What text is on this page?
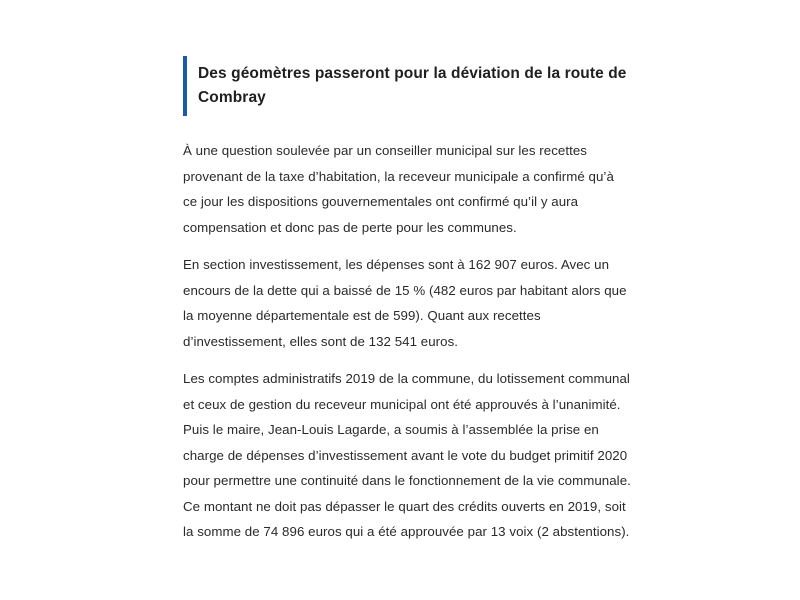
Des géomètres passeront pour la déviation de la route de Combray

À une question soulevée par un conseiller municipal sur les recettes provenant de la taxe d’habitation, la receveur municipale a confirmé qu’à ce jour les dispositions gouvernementales ont confirmé qu’il y aura compensation et donc pas de perte pour les communes.

En section investissement, les dépenses sont à 162 907 euros. Avec un encours de la dette qui a baissé de 15 % (482 euros par habitant alors que la moyenne départementale est de 599). Quant aux recettes d’investissement, elles sont de 132 541 euros.

Les comptes administratifs 2019 de la commune, du lotissement communal et ceux de gestion du receveur municipal ont été approuvés à l’unanimité. Puis le maire, Jean-Louis Lagarde, a soumis à l’assemblée la prise en charge de dépenses d’investissement avant le vote du budget primitif 2020 pour permettre une continuité dans le fonctionnement de la vie communale. Ce montant ne doit pas dépasser le quart des crédits ouverts en 2019, soit la somme de 74 896 euros qui a été approuvée par 13 voix (2 abstentions).
